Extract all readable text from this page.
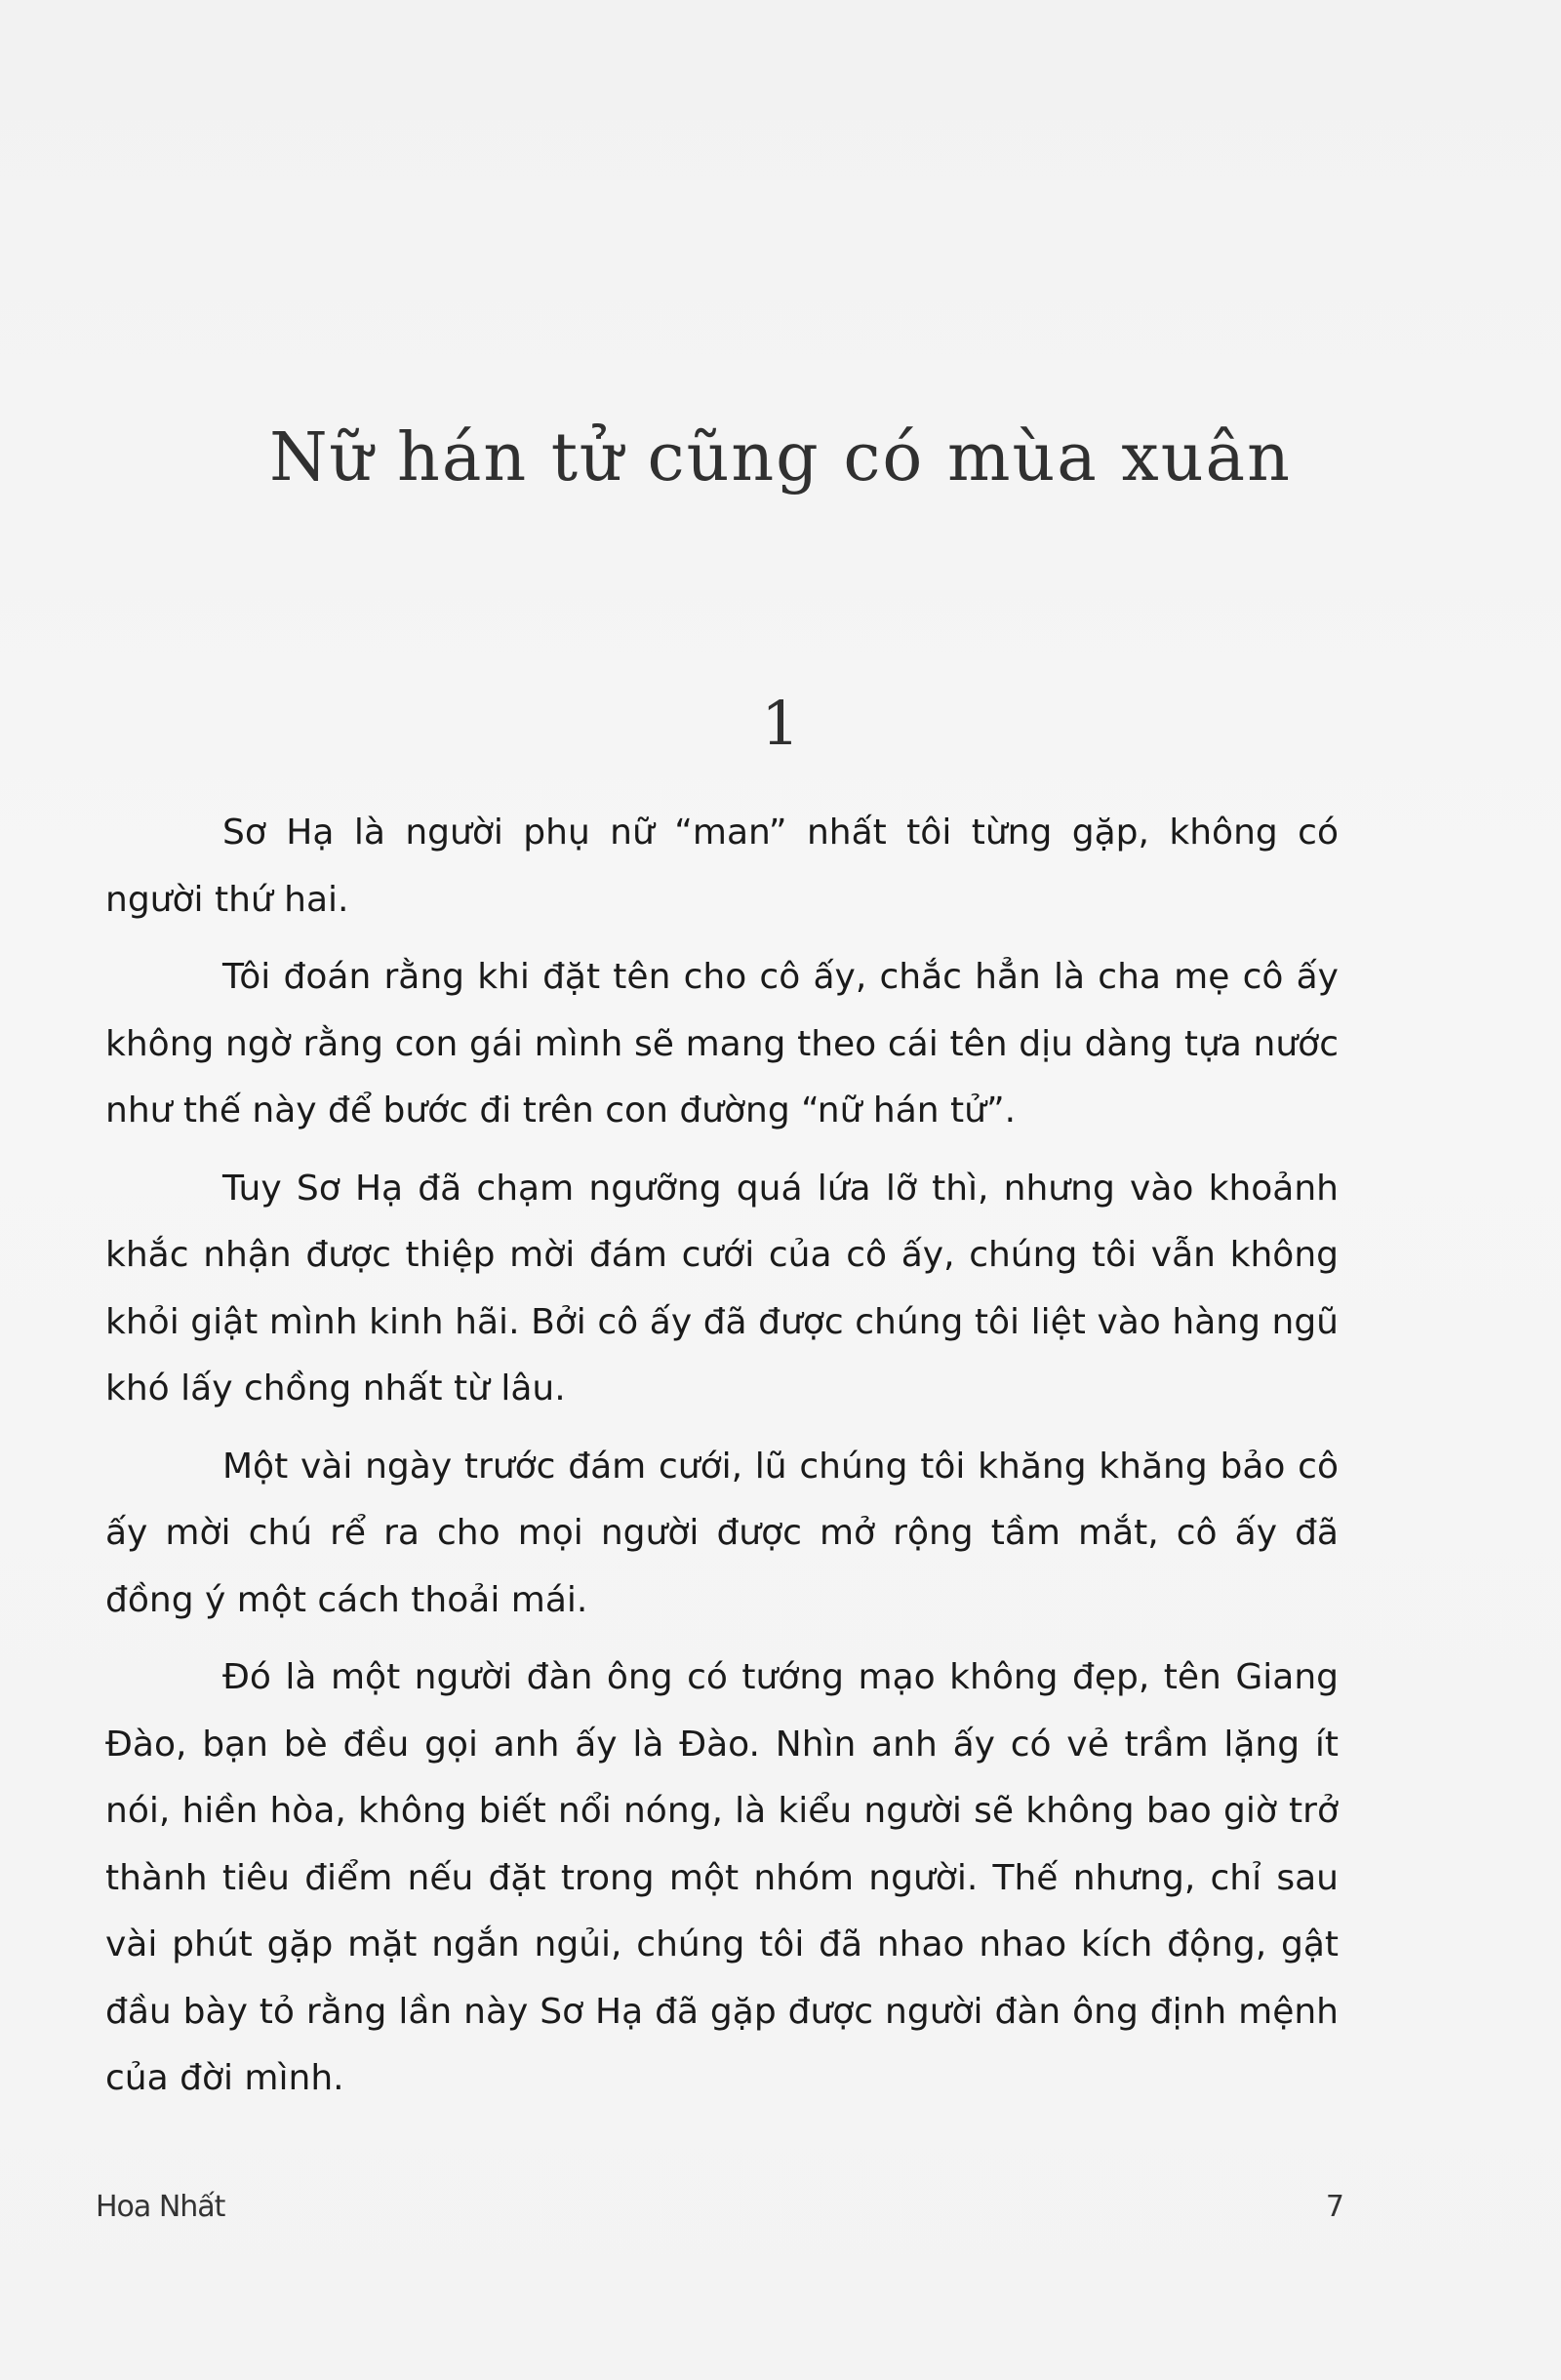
⠀⠀⠀⠀⠀⠀⠀⠀⠀⠀⠀⠀⠀⠀⠀⠀⠀⠀⠀⠀⠀⠀⠀⠀⠀⠀⠀⠀⠀⠀⠀⠀⠀⠀⠀⠀⠀⠀⠀⠀⠀⠀⠀⠀⠀⠀⠀⠀⠀⠀⠀⠀⠀⠀⠀
Nữ hán tử cũng có mùa xuân
1

Sơ Hạ là người phụ nữ “man” nhất tôi từng gặp, không có người thứ hai.

Tôi đoán rằng khi đặt tên cho cô ấy, chắc hẳn là cha mẹ cô ấy không ngờ rằng con gái mình sẽ mang theo cái tên dịu dàng tựa nước như thế này để bước đi trên con đường “nữ hán tử”.

Tuy Sơ Hạ đã chạm ngưỡng quá lứa lỡ thì, nhưng vào khoảnh khắc nhận được thiệp mời đám cưới của cô ấy, chúng tôi vẫn không khỏi giật mình kinh hãi. Bởi cô ấy đã được chúng tôi liệt vào hàng ngũ khó lấy chồng nhất từ lâu.

Một vài ngày trước đám cưới, lũ chúng tôi khăng khăng bảo cô ấy mời chú rể ra cho mọi người được mở rộng tầm mắt, cô ấy đã đồng ý một cách thoải mái.

Đó là một người đàn ông có tướng mạo không đẹp, tên Giang Đào, bạn bè đều gọi anh ấy là Đào. Nhìn anh ấy có vẻ trầm lặng ít nói, hiền hòa, không biết nổi nóng, là kiểu người sẽ không bao giờ trở thành tiêu điểm nếu đặt trong một nhóm người. Thế nhưng, chỉ sau vài phút gặp mặt ngắn ngủi, chúng tôi đã nhao nhao kích động, gật đầu bày tỏ rằng lần này Sơ Hạ đã gặp được người đàn ông định mệnh của đời mình.

Hoa Nhất	7
